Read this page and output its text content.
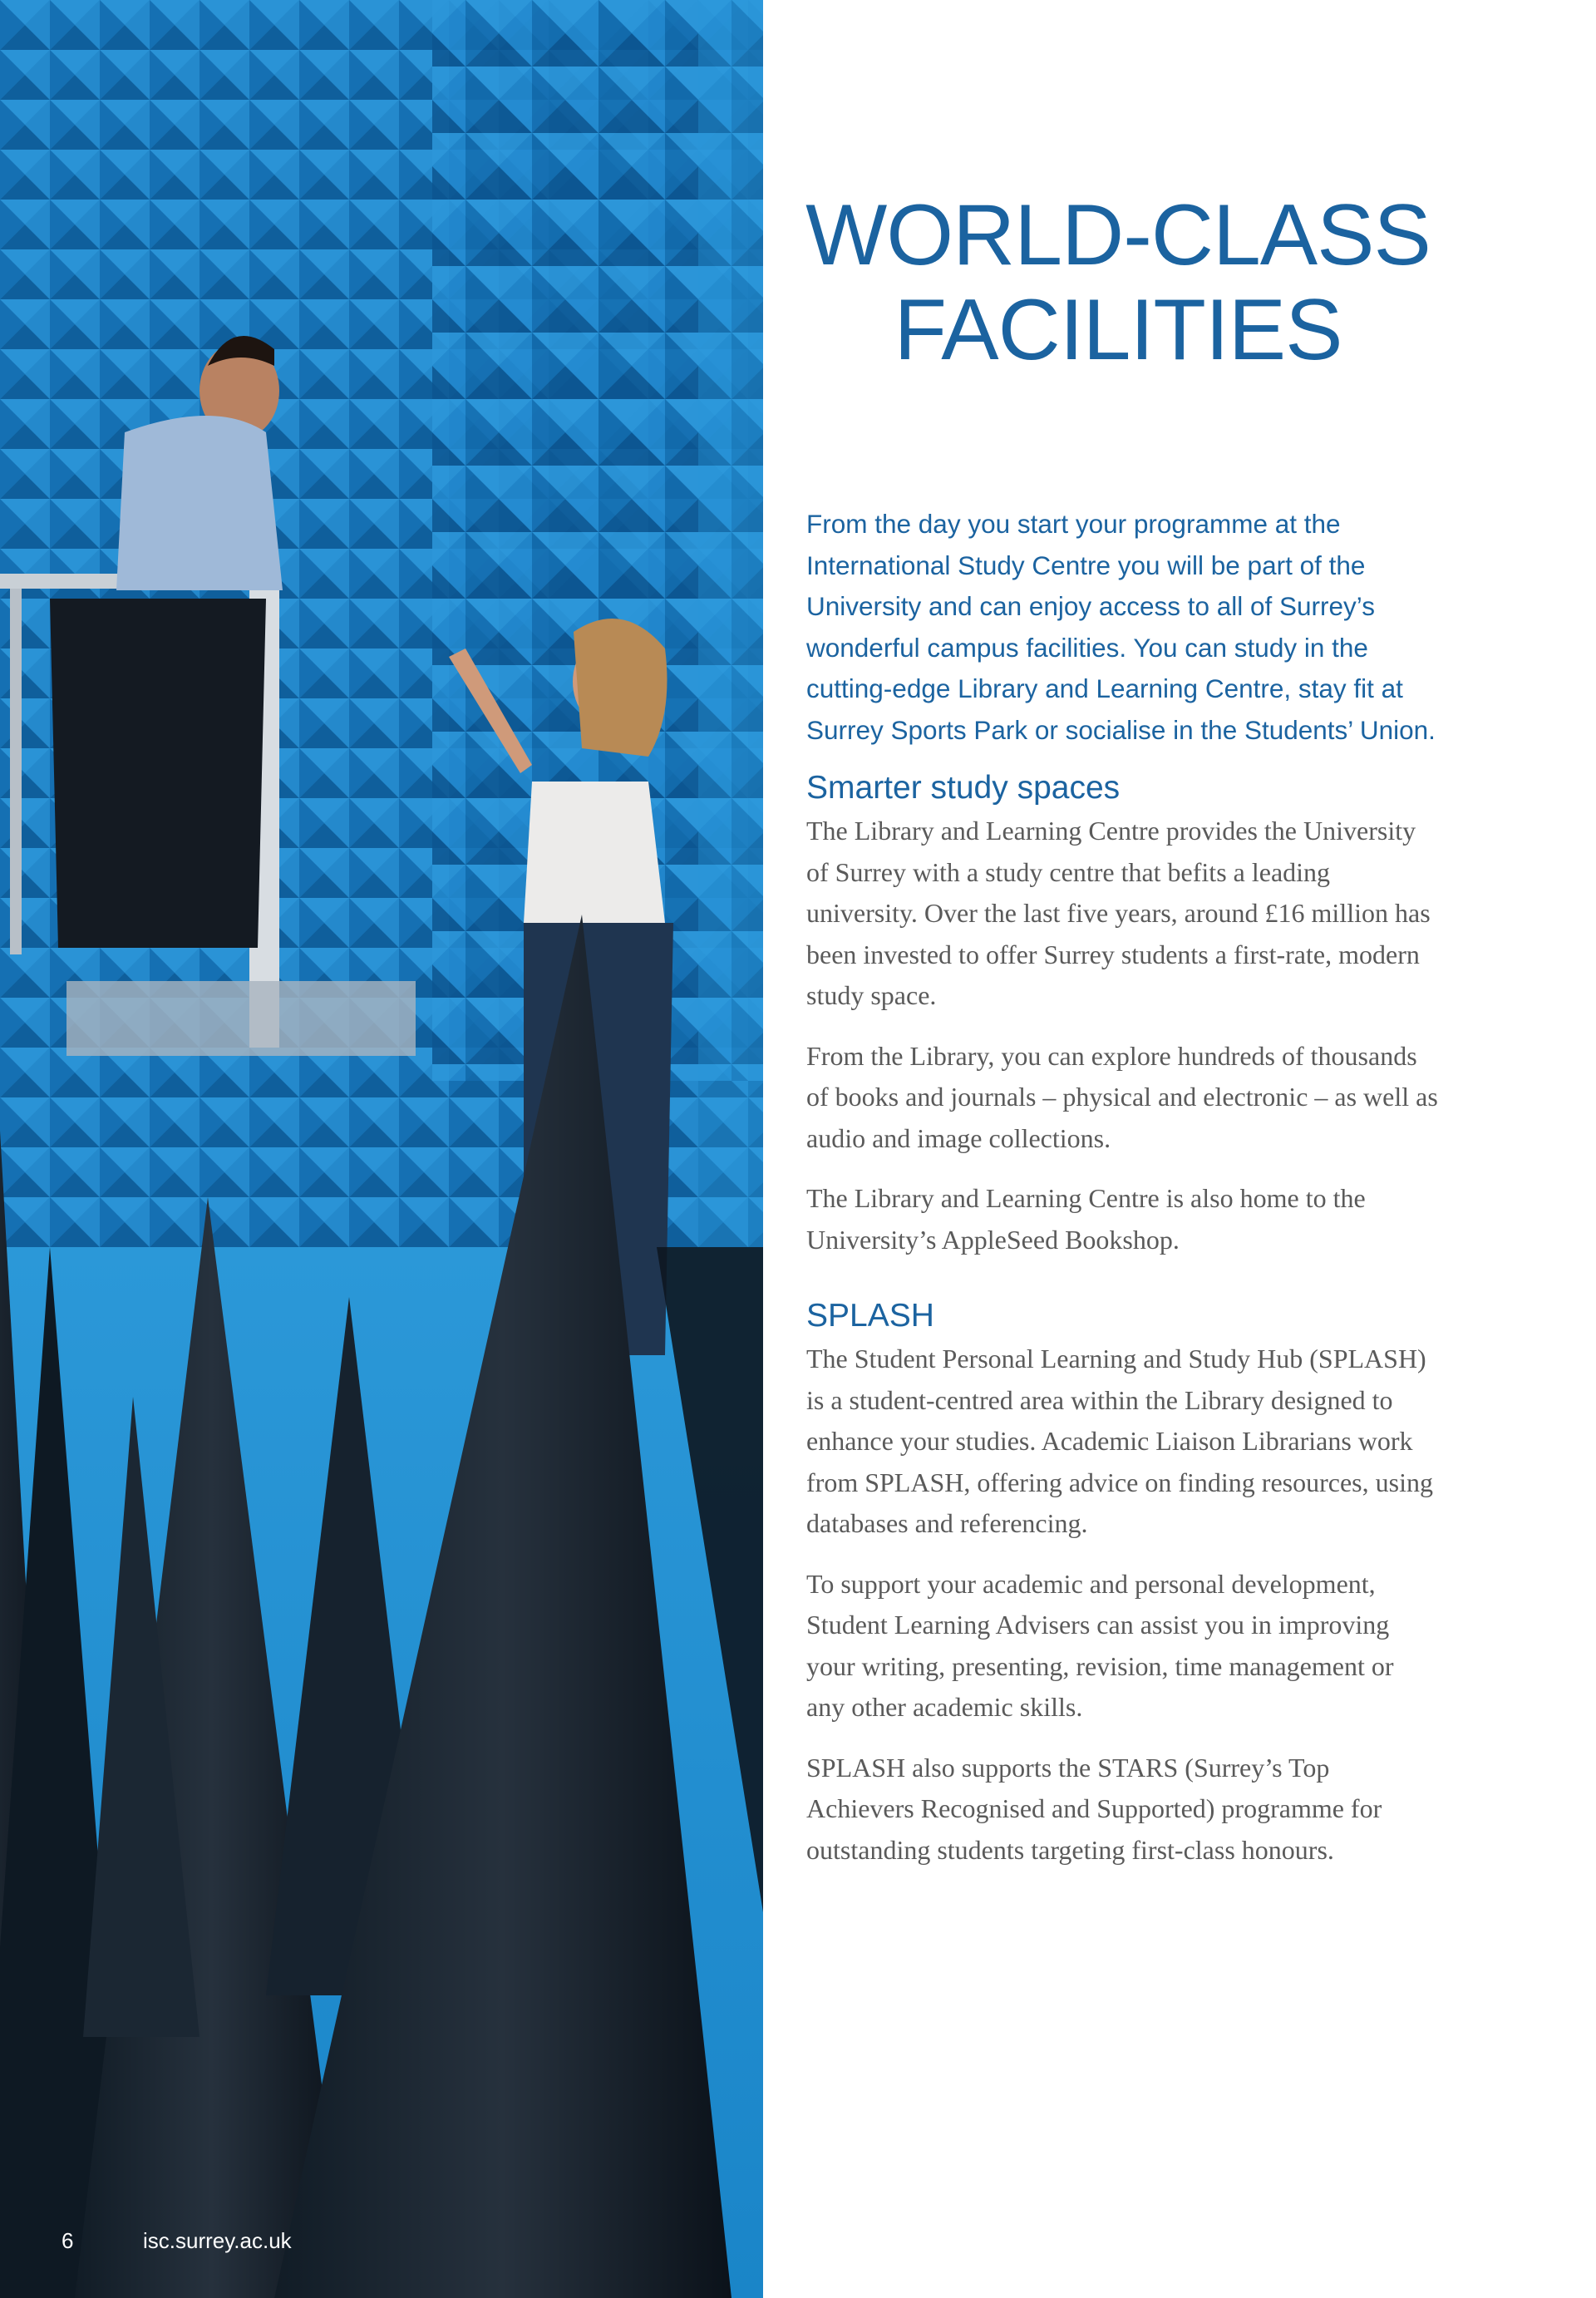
6	isc.surrey.ac.uk
WORLD-CLASS
FACILITIES

From the day you start your programme at the International Study Centre you will be part of the University and can enjoy access to all of Surrey’s wonderful campus facilities. You can study in the cutting-edge Library and Learning Centre, stay fit at Surrey Sports Park or socialise in the Students’ Union.

Smarter study spaces

The Library and Learning Centre provides the University of Surrey with a study centre that befits a leading university. Over the last five years, around £16 million has been invested to offer Surrey students a first-rate, modern study space.

From the Library, you can explore hundreds of thousands of books and journals – physical and electronic – as well as audio and image collections.

The Library and Learning Centre is also home to the University’s AppleSeed Bookshop.

SPLASH

The Student Personal Learning and Study Hub (SPLASH) is a student-centred area within the Library designed to enhance your studies. Academic Liaison Librarians work from SPLASH, offering advice on finding resources, using databases and referencing.

To support your academic and personal development, Student Learning Advisers can assist you in improving your writing, presenting, revision, time management or any other academic skills.

SPLASH also supports the STARS (Surrey’s Top Achievers Recognised and Supported) programme for outstanding students targeting first-class honours.
